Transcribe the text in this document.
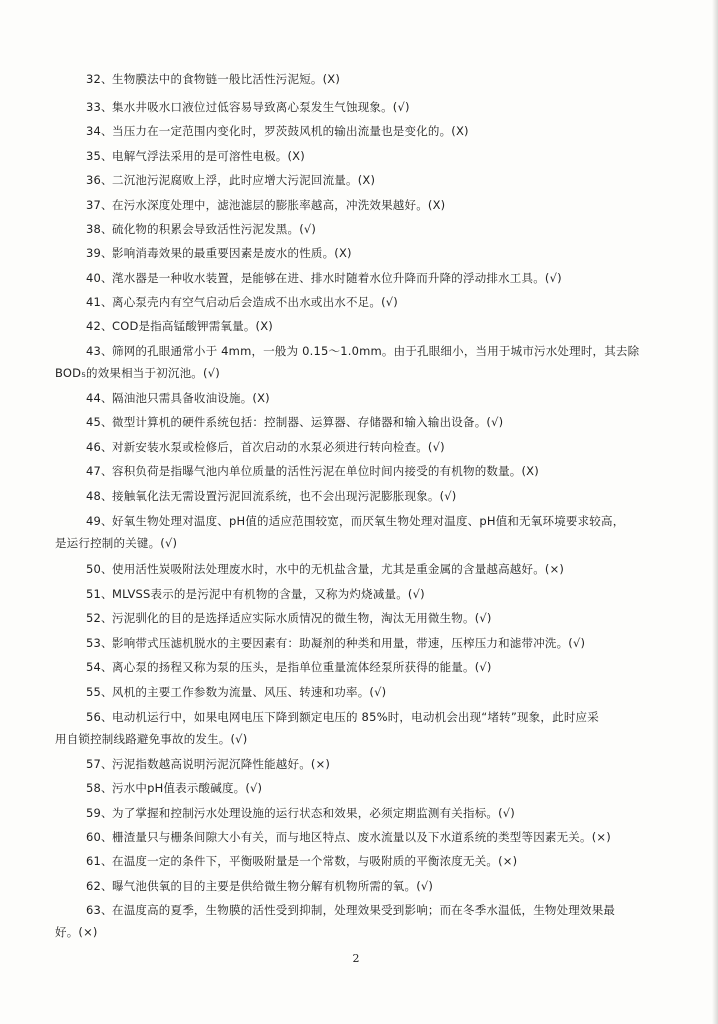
32、生物膜法中的食物链一般比活性污泥短。(X)
33、集水井吸水口液位过低容易导致离心泵发生气蚀现象。(√)
34、当压力在一定范围内变化时，罗茨鼓风机的输出流量也是变化的。(X)
35、电解气浮法采用的是可溶性电极。(X)
36、二沉池污泥腐败上浮，此时应增大污泥回流量。(X)
37、在污水深度处理中，滤池滤层的膨胀率越高，冲洗效果越好。(X)
38、硫化物的积累会导致活性污泥发黑。(√)
39、影响消毒效果的最重要因素是废水的性质。(X)
40、滗水器是一种收水装置，是能够在进、排水时随着水位升降而升降的浮动排水工具。(√)
41、离心泵壳内有空气启动后会造成不出水或出水不足。(√)
42、COD是指高锰酸钾需氧量。(X)
43、筛网的孔眼通常小于 4mm，一般为 0.15～1.0mm。由于孔眼细小，当用于城市污水处理时，其去除
BOD₅的效果相当于初沉池。(√)
44、隔油池只需具备收油设施。(X)
45、微型计算机的硬件系统包括：控制器、运算器、存储器和输入输出设备。(√)
46、对新安装水泵或检修后，首次启动的水泵必须进行转向检查。(√)
47、容积负荷是指曝气池内单位质量的活性污泥在单位时间内接受的有机物的数量。(X)
48、接触氧化法无需设置污泥回流系统，也不会出现污泥膨胀现象。(√)
49、好氧生物处理对温度、pH值的适应范围较宽，而厌氧生物处理对温度、pH值和无氧环境要求较高，
是运行控制的关键。(√)
50、使用活性炭吸附法处理废水时，水中的无机盐含量，尤其是重金属的含量越高越好。(×)
51、MLVSS表示的是污泥中有机物的含量，又称为灼烧减量。(√)
52、污泥驯化的目的是选择适应实际水质情况的微生物，淘汰无用微生物。(√)
53、影响带式压滤机脱水的主要因素有：助凝剂的种类和用量，带速，压榨压力和滤带冲洗。(√)
54、离心泵的扬程又称为泵的压头，是指单位重量流体经泵所获得的能量。(√)
55、风机的主要工作参数为流量、风压、转速和功率。(√)
56、电动机运行中，如果电网电压下降到额定电压的 85%时，电动机会出现“堵转”现象，此时应采
用自锁控制线路避免事故的发生。(√)
57、污泥指数越高说明污泥沉降性能越好。(×)
58、污水中pH值表示酸碱度。(√)
59、为了掌握和控制污水处理设施的运行状态和效果，必须定期监测有关指标。(√)
60、栅渣量只与栅条间隙大小有关，而与地区特点、废水流量以及下水道系统的类型等因素无关。(×)
61、在温度一定的条件下，平衡吸附量是一个常数，与吸附质的平衡浓度无关。(×)
62、曝气池供氧的目的主要是供给微生物分解有机物所需的氧。(√)
63、在温度高的夏季，生物膜的活性受到抑制，处理效果受到影响；而在冬季水温低，生物处理效果最
好。(×)
2
